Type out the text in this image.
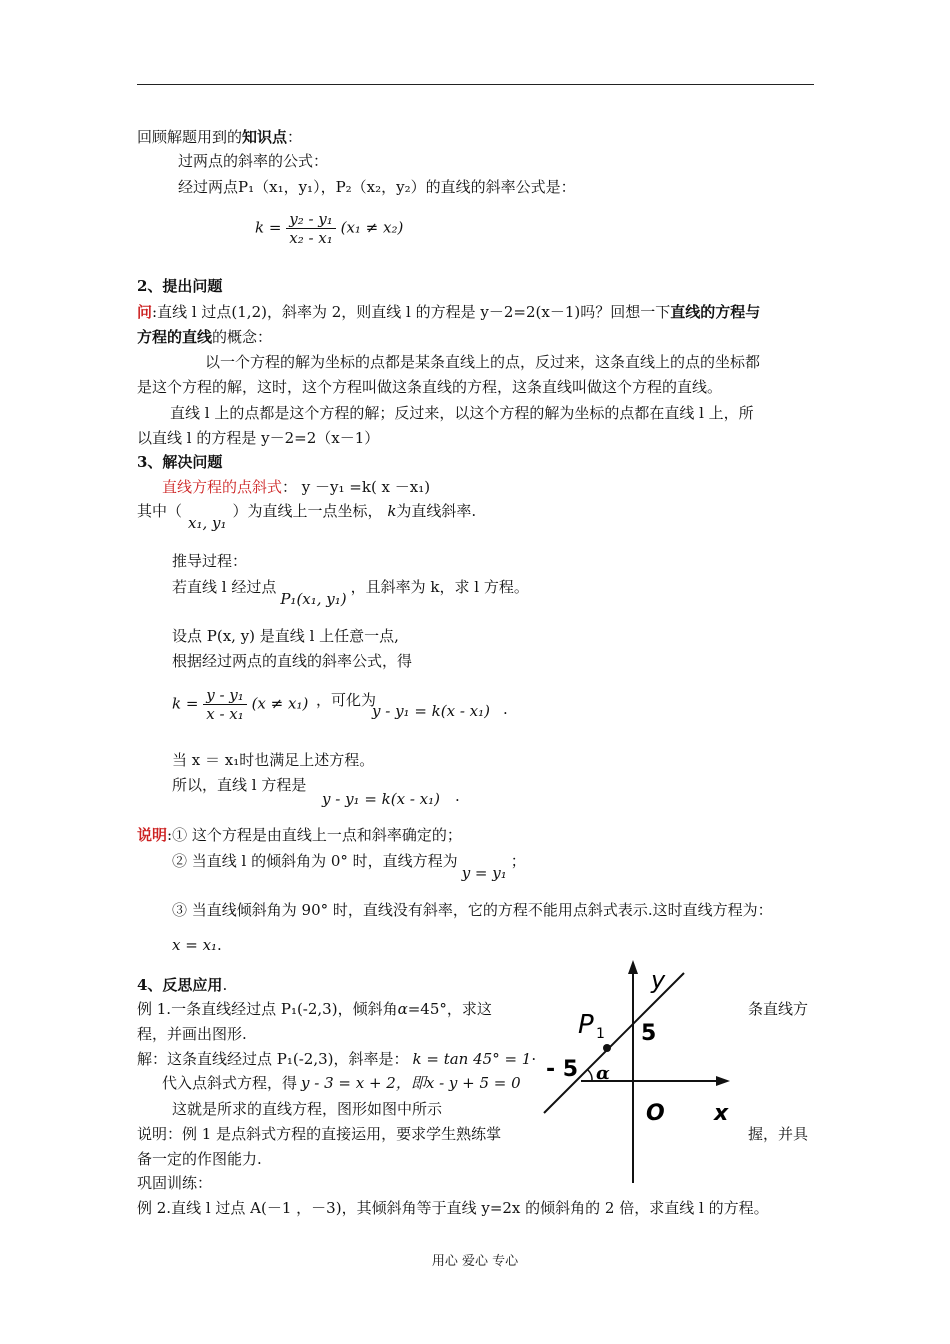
回顾解题用到的知识点：
过两点的斜率的公式：
经过两点P₁（x₁，y₁），P₂（x₂，y₂）的直线的斜率公式是：
$k = \frac{\text{y₂ - y₁}}{\text{x₂ - x₁}} (x_1 \ne x_2)$
2、提出问题
问:直线 l 过点(1,2)，斜率为 2，则直线 l 的方程是 y－2=2(x－1)吗？回想一下直线的方程与
方程的直线的概念：
以一个方程的解为坐标的点都是某条直线上的点，反过来，这条直线上的点的坐标都
是这个方程的解，这时，这个方程叫做这条直线的方程，这条直线叫做这个方程的直线。
直线 l 上的点都是这个方程的解；反过来，以这个方程的解为坐标的点都在直线 l 上，所
以直线 l 的方程是 y－2=2（x－1）
3、解决问题
直线方程的点斜式： y －y₁ =k( x －x₁)
其中（x₁, y₁）为直线上一点坐标， k为直线斜率.
推导过程：
若直线 l 经过点P₁(x₁, y₁)，且斜率为 k，求 l 方程。
设点 P(x, y) 是直线 l 上任意一点,
根据经过两点的直线的斜率公式，得
$k = \frac{\text{y - y₁}}{\text{x - x₁}} (x \ne x_1)$ ，可化为
y - y₁ = k(x - x₁) .
当 x ＝ x₁时也满足上述方程。
所以，直线 l 方程是
y - y₁ = k(x - x₁) .
说明:① 这个方程是由直线上一点和斜率确定的；
② 当直线 l 的倾斜角为 0° 时，直线方程为y = y₁；
③ 当直线倾斜角为 90° 时，直线没有斜率，它的方程不能用点斜式表示.这时直线方程为：
x = x₁.
4、反思应用.
例 1.一条直线经过点 P₁(-2,3)，倾斜角α=45°，求这	条直线方
程，并画出图形.
解：这条直线经过点 P₁(-2,3)，斜率是： k = tan 45° = 1·
代入点斜式方程，得 y - 3 = x + 2，即x - y + 5 = 0
这就是所求的直线方程，图形如图中所示
说明：例 1 是点斜式方程的直接运用，要求学生熟练掌	握，并具
备一定的作图能力.
巩固训练：
例 2.直线 l 过点 A(－1 ，－3)，其倾斜角等于直线 y=2x 的倾斜角的 2 倍，求直线 l 的方程。
y
x
O
P 1 5
- 5 α
用心 爱心 专心
